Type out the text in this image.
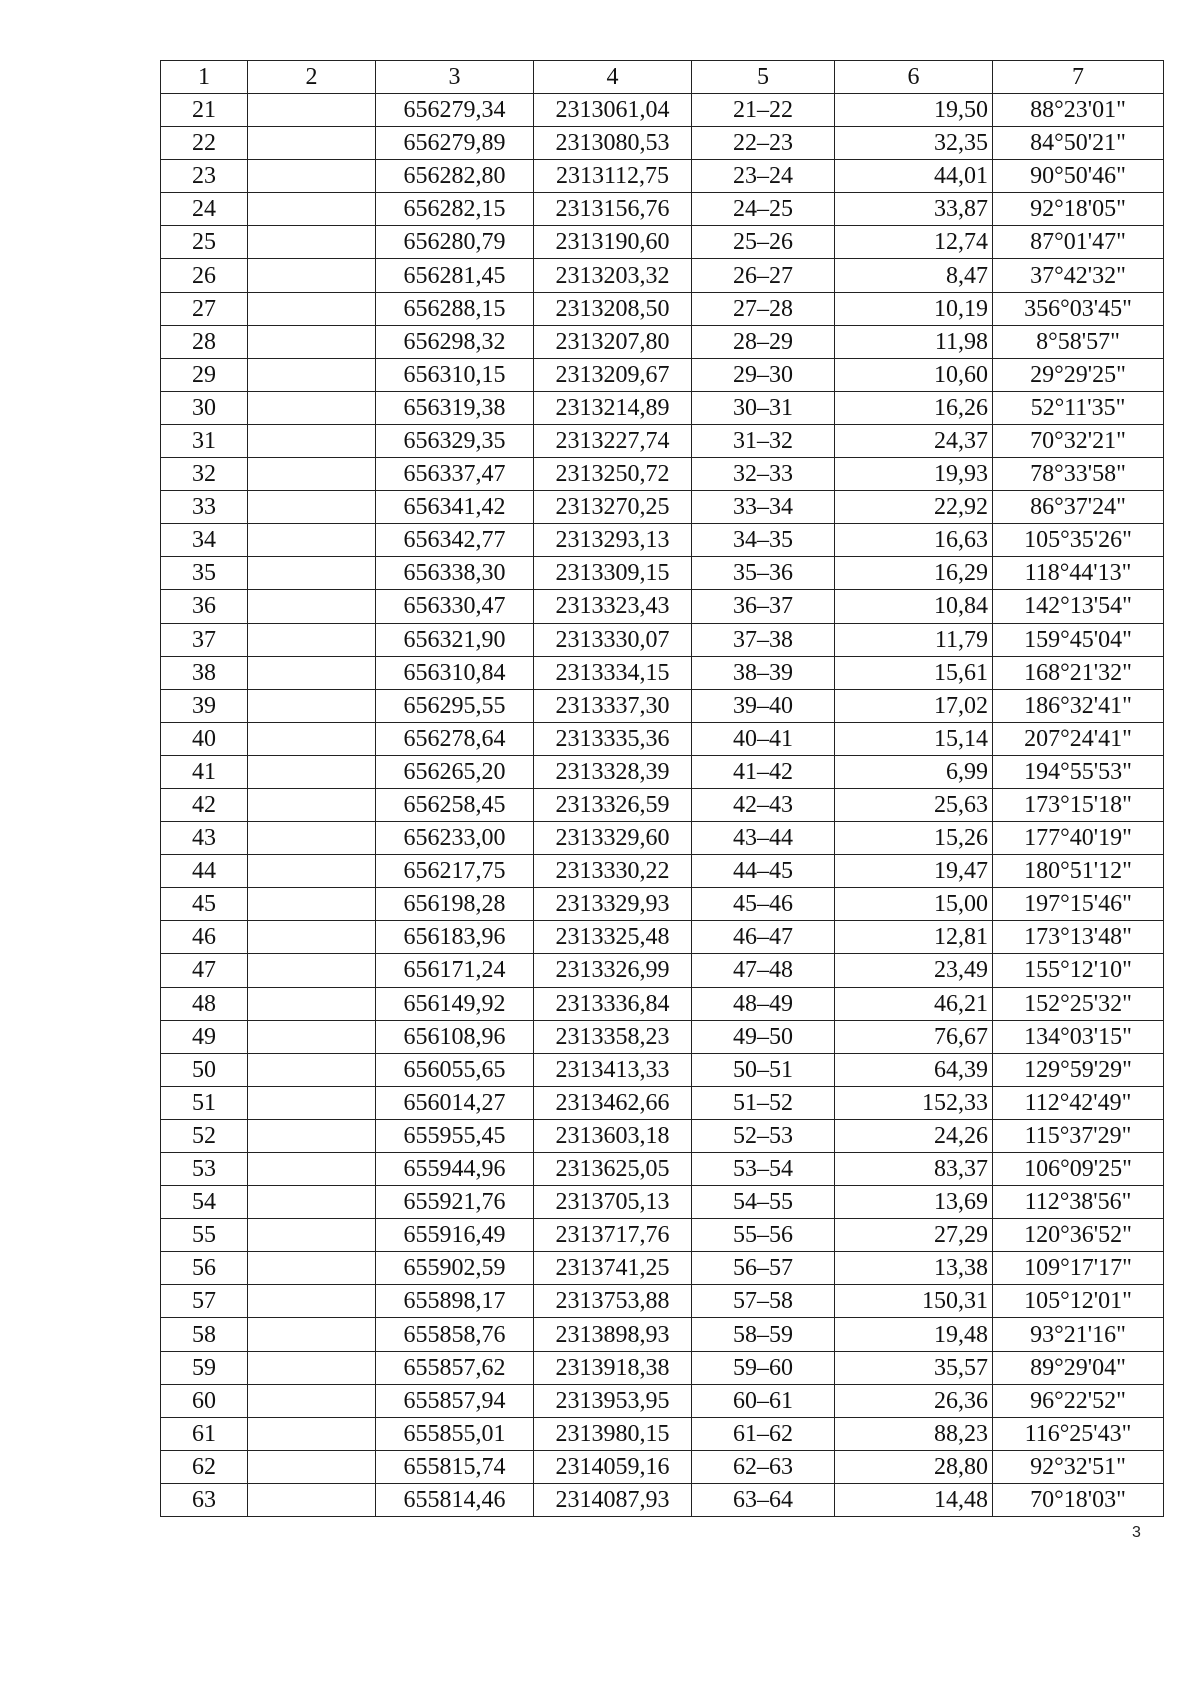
1	2	3	4	5	6	7
21		656279,34	2313061,04	21–22	19,50	88°23'01"
22		656279,89	2313080,53	22–23	32,35	84°50'21"
23		656282,80	2313112,75	23–24	44,01	90°50'46"
24		656282,15	2313156,76	24–25	33,87	92°18'05"
25		656280,79	2313190,60	25–26	12,74	87°01'47"
26		656281,45	2313203,32	26–27	8,47	37°42'32"
27		656288,15	2313208,50	27–28	10,19	356°03'45"
28		656298,32	2313207,80	28–29	11,98	8°58'57"
29		656310,15	2313209,67	29–30	10,60	29°29'25"
30		656319,38	2313214,89	30–31	16,26	52°11'35"
31		656329,35	2313227,74	31–32	24,37	70°32'21"
32		656337,47	2313250,72	32–33	19,93	78°33'58"
33		656341,42	2313270,25	33–34	22,92	86°37'24"
34		656342,77	2313293,13	34–35	16,63	105°35'26"
35		656338,30	2313309,15	35–36	16,29	118°44'13"
36		656330,47	2313323,43	36–37	10,84	142°13'54"
37		656321,90	2313330,07	37–38	11,79	159°45'04"
38		656310,84	2313334,15	38–39	15,61	168°21'32"
39		656295,55	2313337,30	39–40	17,02	186°32'41"
40		656278,64	2313335,36	40–41	15,14	207°24'41"
41		656265,20	2313328,39	41–42	6,99	194°55'53"
42		656258,45	2313326,59	42–43	25,63	173°15'18"
43		656233,00	2313329,60	43–44	15,26	177°40'19"
44		656217,75	2313330,22	44–45	19,47	180°51'12"
45		656198,28	2313329,93	45–46	15,00	197°15'46"
46		656183,96	2313325,48	46–47	12,81	173°13'48"
47		656171,24	2313326,99	47–48	23,49	155°12'10"
48		656149,92	2313336,84	48–49	46,21	152°25'32"
49		656108,96	2313358,23	49–50	76,67	134°03'15"
50		656055,65	2313413,33	50–51	64,39	129°59'29"
51		656014,27	2313462,66	51–52	152,33	112°42'49"
52		655955,45	2313603,18	52–53	24,26	115°37'29"
53		655944,96	2313625,05	53–54	83,37	106°09'25"
54		655921,76	2313705,13	54–55	13,69	112°38'56"
55		655916,49	2313717,76	55–56	27,29	120°36'52"
56		655902,59	2313741,25	56–57	13,38	109°17'17"
57		655898,17	2313753,88	57–58	150,31	105°12'01"
58		655858,76	2313898,93	58–59	19,48	93°21'16"
59		655857,62	2313918,38	59–60	35,57	89°29'04"
60		655857,94	2313953,95	60–61	26,36	96°22'52"
61		655855,01	2313980,15	61–62	88,23	116°25'43"
62		655815,74	2314059,16	62–63	28,80	92°32'51"
63		655814,46	2314087,93	63–64	14,48	70°18'03"
3
